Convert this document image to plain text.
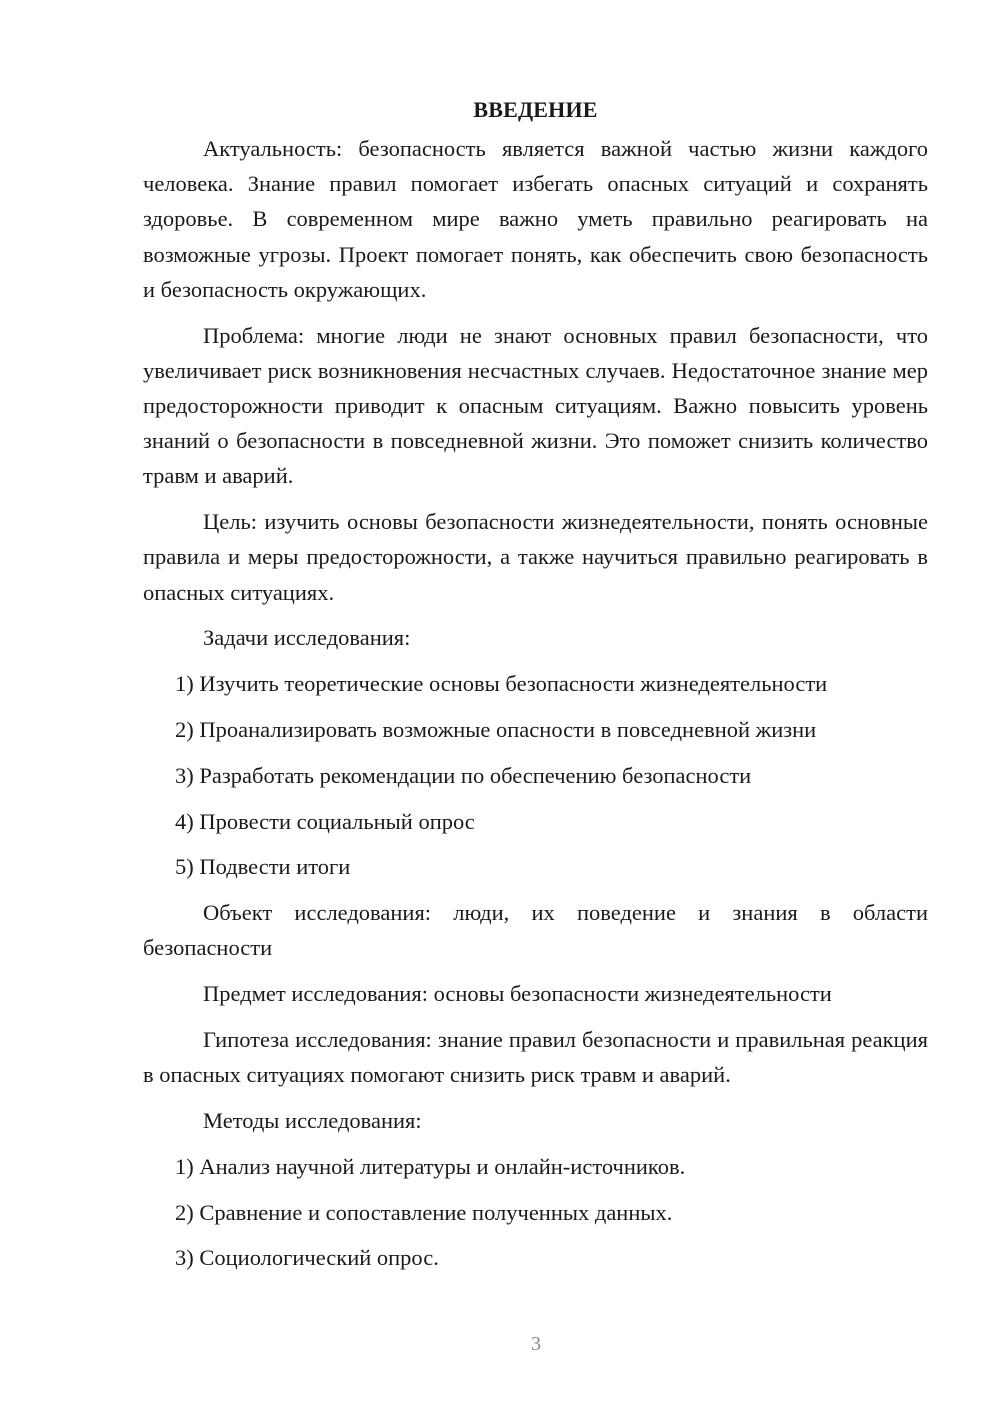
ВВЕДЕНИЕ

Актуальность: безопасность является важной частью жизни каждого человека. Знание правил помогает избегать опасных ситуаций и сохранять здоровье. В современном мире важно уметь правильно реагировать на возможные угрозы. Проект помогает понять, как обеспечить свою безопасность и безопасность окружающих.

Проблема: многие люди не знают основных правил безопасности, что увеличивает риск возникновения несчастных случаев. Недостаточное знание мер предосторожности приводит к опасным ситуациям. Важно повысить уровень знаний о безопасности в повседневной жизни. Это поможет снизить количество травм и аварий.

Цель: изучить основы безопасности жизнедеятельности, понять основные правила и меры предосторожности, а также научиться правильно реагировать в опасных ситуациях.

Задачи исследования:
1) Изучить теоретические основы безопасности жизнедеятельности
2) Проанализировать возможные опасности в повседневной жизни
3) Разработать рекомендации по обеспечению безопасности
4) Провести социальный опрос
5) Подвести итоги

Объект исследования: люди, их поведение и знания в области безопасности

Предмет исследования: основы безопасности жизнедеятельности

Гипотеза исследования: знание правил безопасности и правильная реакция в опасных ситуациях помогают снизить риск травм и аварий.

Методы исследования:
1) Анализ научной литературы и онлайн-источников.
2) Сравнение и сопоставление полученных данных.
3) Социологический опрос.
3
